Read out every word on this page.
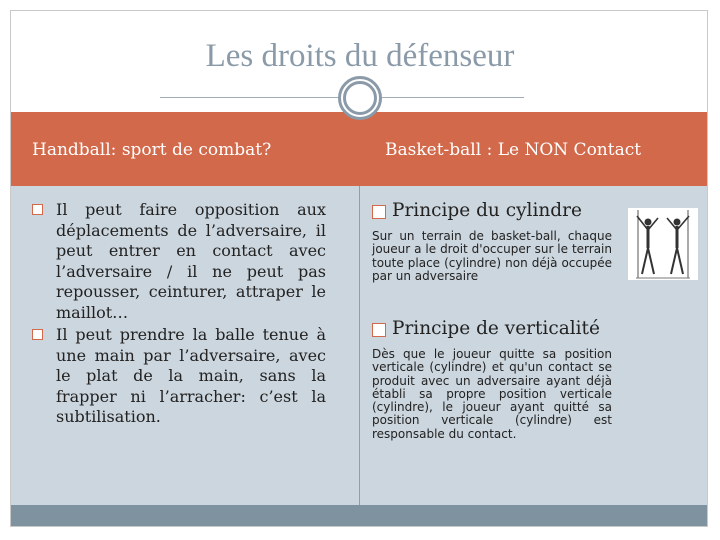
Les droits du défenseur
Handball: sport de combat?	Basket-ball : Le NON Contact
Il peut faire opposition aux déplacements de l’adversaire, il peut entrer en contact avec l’adversaire / il ne peut pas repousser, ceinturer, attraper le maillot…
Il peut prendre la balle tenue à une main par l’adversaire, avec le plat de la main, sans la frapper ni l’arracher: c’est la subtilisation.
Principe du cylindre
Sur un terrain de basket-ball, chaque joueur a le droit d'occuper sur le terrain toute place (cylindre) non déjà occupée par un adversaire
Principe de verticalité
Dès que le joueur quitte sa position verticale (cylindre) et qu'un contact se produit avec un adversaire ayant déjà établi sa propre position verticale (cylindre), le joueur ayant quitté sa position verticale (cylindre) est responsable du contact.
